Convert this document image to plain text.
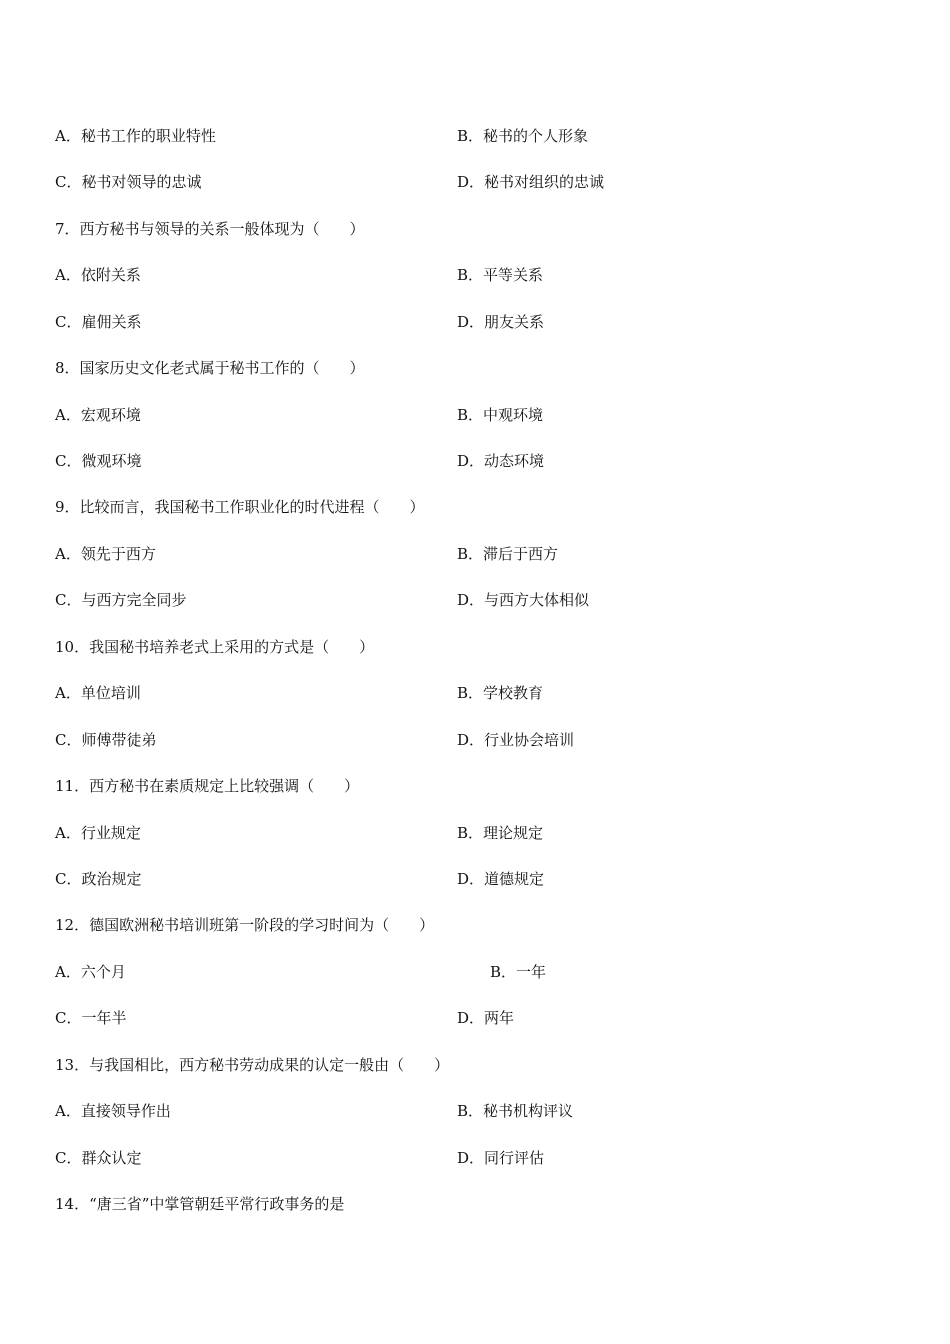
A．秘书工作的职业特性	B．秘书的个人形象
C．秘书对领导的忠诚	D．秘书对组织的忠诚
7．西方秘书与领导的关系一般体现为（　　）
A．依附关系	B．平等关系
C．雇佣关系	D．朋友关系
8．国家历史文化老式属于秘书工作的（　　）
A．宏观环境	B．中观环境
C．微观环境	D．动态环境
9．比较而言，我国秘书工作职业化的时代进程（　　）
A．领先于西方	B．滞后于西方
C．与西方完全同步	D．与西方大体相似
10．我国秘书培养老式上采用的方式是（　　）
A．单位培训	B．学校教育
C．师傅带徒弟	D．行业协会培训
11．西方秘书在素质规定上比较强调（　　）
A．行业规定	B．理论规定
C．政治规定	D．道德规定
12．德国欧洲秘书培训班第一阶段的学习时间为（　　）
A．六个月	B．一年
C．一年半	D．两年
13．与我国相比，西方秘书劳动成果的认定一般由（　　）
A．直接领导作出	B．秘书机构评议
C．群众认定	D．同行评估
14．“唐三省”中掌管朝廷平常行政事务的是
